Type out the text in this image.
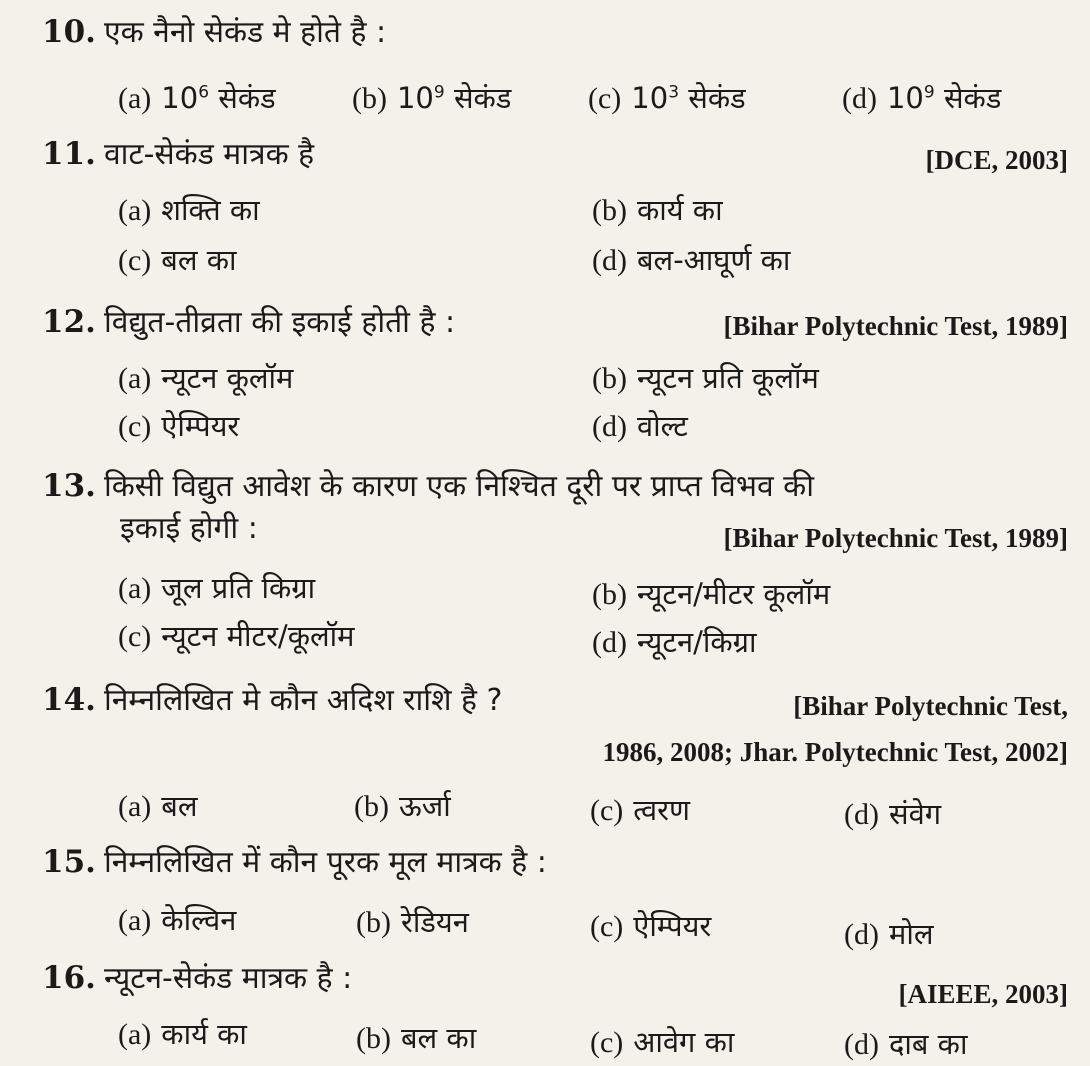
10. एक नैनो सेकंड मे होते है :
(a) $10^6$ सेकंड	(b) $10^9$ सेकंड	(c) $10^3$ सेकंड	(d) $10^9$ सेकंड
11. वाट-सेकंड मात्रक है	[DCE, 2003]
(a) शक्ति का	(b) कार्य का
(c) बल का	(d) बल-आघूर्ण का
12. विद्युत-तीव्रता की इकाई होती है :	[Bihar Polytechnic Test, 1989]
(a) न्यूटन कूलॉम	(b) न्यूटन प्रति कूलॉम
(c) ऐम्पियर	(d) वोल्ट
13. किसी विद्युत आवेश के कारण एक निश्चित दूरी पर प्राप्त विभव की
इकाई होगी :	[Bihar Polytechnic Test, 1989]
(a) जूल प्रति किग्रा	(b) न्यूटन/मीटर कूलॉम
(c) न्यूटन मीटर/कूलॉम	(d) न्यूटन/किग्रा
14. निम्नलिखित मे कौन अदिश राशि है ?	[Bihar Polytechnic Test,
1986, 2008; Jhar. Polytechnic Test, 2002]
(a) बल	(b) ऊर्जा	(c) त्वरण	(d) संवेग
15. निम्नलिखित में कौन पूरक मूल मात्रक है :
(a) केल्विन	(b) रेडियन	(c) ऐम्पियर	(d) मोल
16. न्यूटन-सेकंड मात्रक है :	[AIEEE, 2003]
(a) कार्य का	(b) बल का	(c) आवेग का	(d) दाब का
